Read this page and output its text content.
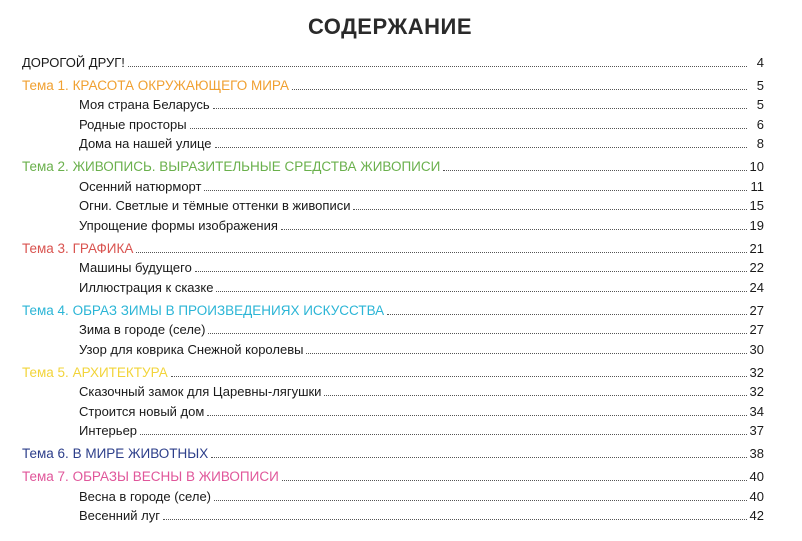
СОДЕРЖАНИЕ
ДОРОГОЙ ДРУГ!	4
Тема 1. КРАСОТА ОКРУЖАЮЩЕГО МИРА	5
Моя страна Беларусь	5
Родные просторы	6
Дома на нашей улице	8
Тема 2. ЖИВОПИСЬ. ВЫРАЗИТЕЛЬНЫЕ СРЕДСТВА ЖИВОПИСИ	10
Осенний натюрморт	11
Огни. Светлые и тёмные оттенки в живописи	15
Упрощение формы изображения	19
Тема 3. ГРАФИКА	21
Машины будущего	22
Иллюстрация к сказке	24
Тема 4. ОБРАЗ ЗИМЫ В ПРОИЗВЕДЕНИЯХ ИСКУССТВА	27
Зима в городе (селе)	27
Узор для коврика Снежной королевы	30
Тема 5. АРХИТЕКТУРА	32
Сказочный замок для Царевны-лягушки	32
Строится новый дом	34
Интерьер	37
Тема 6. В МИРЕ ЖИВОТНЫХ	38
Тема 7. ОБРАЗЫ ВЕСНЫ В ЖИВОПИСИ	40
Весна в городе (селе)	40
Весенний луг	42
